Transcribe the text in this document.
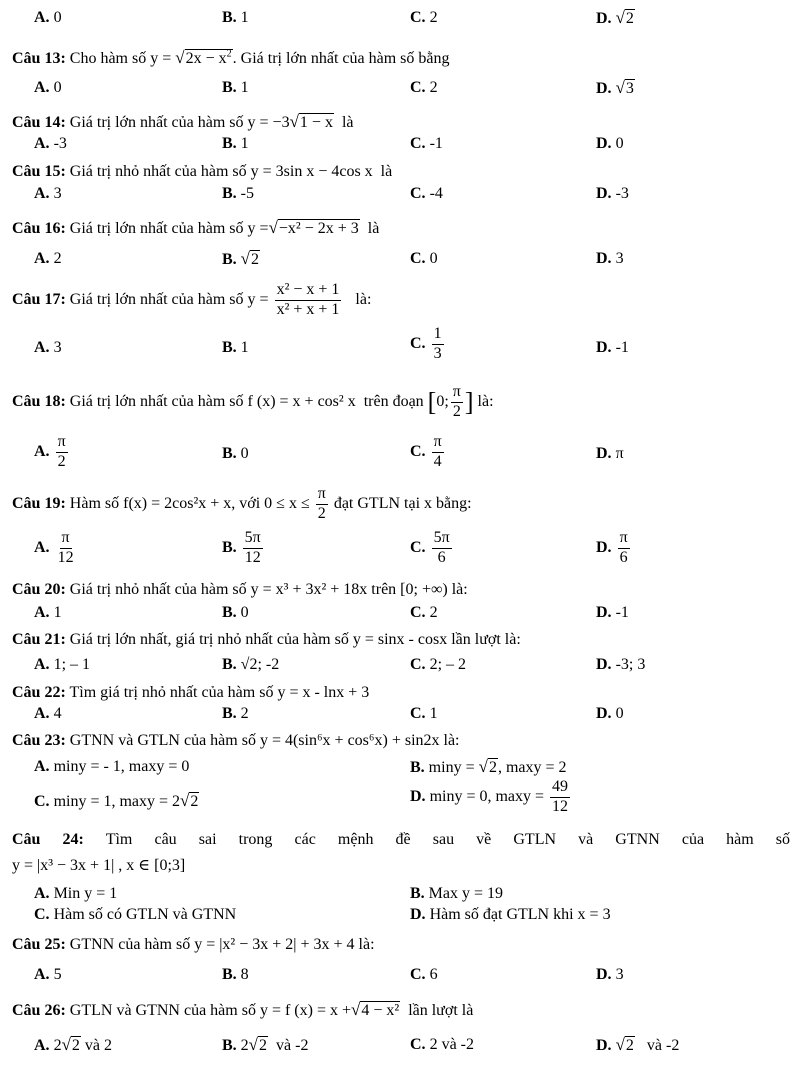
A. 0	B. 1	C. 2	D. √2
Câu 13: Cho hàm số $y = √2x - x^2$. Giá trị lớn nhất của hàm số bằng
A. 0	B. 1	C. 2	D. √3
Câu 14: Giá trị lớn nhất của hàm số y = −3√1 − x là
A. -3	B. 1	C. -1	D. 0
Câu 15: Giá trị nhỏ nhất của hàm số y = 3sin x − 4cos x là
A. 3	B. -5	C. -4	D. -3
Câu 16: Giá trị lớn nhất của hàm số y =√−x² − 2x + 3 là
A. 2	B. √2	C. 0	D. 3
Câu 17: Giá trị lớn nhất của hàm số $y = \frac{\text{x² − x + 1}}{\text{x² + x + 1}}$ là:
A. 3	B. 1	C. $\frac{1}{3}$	D. -1
Câu 18: Giá trị lớn nhất của hàm số f (x) = x + cos² x trên đoạn [0; $\frac{\pi}{2}$ ] là:
A. $\frac{\pi}{2}$	B. 0	C. $\frac{\pi}{4}$	D. π
Câu 19: Hàm số f(x) = 2cos²x + x, với $0 \le x \le \frac{\pi}{2}$ đạt GTLN tại x bằng:
A. $\frac{\pi}{12}$	B. $\frac{5\pi}{12}$	C. $\frac{5\pi}{6}$	D. $\frac{\pi}{6}$
Câu 20: Giá trị nhỏ nhất của hàm số y = x³ + 3x² + 18x trên [0; +∞) là:
A. 1	B. 0	C. 2	D. -1
Câu 21: Giá trị lớn nhất, giá trị nhỏ nhất của hàm số y = sinx - cosx lần lượt là:
A. 1; – 1	B. √2; -2	C. 2; – 2	D. -3; 3
Câu 22: Tìm giá trị nhỏ nhất của hàm số y = x - lnx + 3
A. 4	B. 2	C. 1	D. 0
Câu 23: GTNN và GTLN của hàm số y = 4(sin⁶x + cos⁶x) + sin2x là:
A. miny = - 1, maxy = 0	B. miny = √2, maxy = 2
C. miny = 1, maxy = 2√2	D. miny = 0, $\max y = \frac{49}{12}$
Câu 24: Tìm câu sai trong các mệnh đề sau về GTLN và GTNN của hàm số
y = |x³ − 3x + 1| , x ∈ [0;3]
A. Min y = 1	B. Max y = 19
C. Hàm số có GTLN và GTNN	D. Hàm số đạt GTLN khi x = 3
Câu 25: GTNN của hàm số y = |x² − 3x + 2| + 3x + 4 là:
A. 5	B. 8	C. 6	D. 3
Câu 26: GTLN và GTNN của hàm số y = f (x) = x +√4 − x² lần lượt là
A. 2√2 và 2	B. 2√2 và -2	C. 2 và -2	D. √2 và -2
